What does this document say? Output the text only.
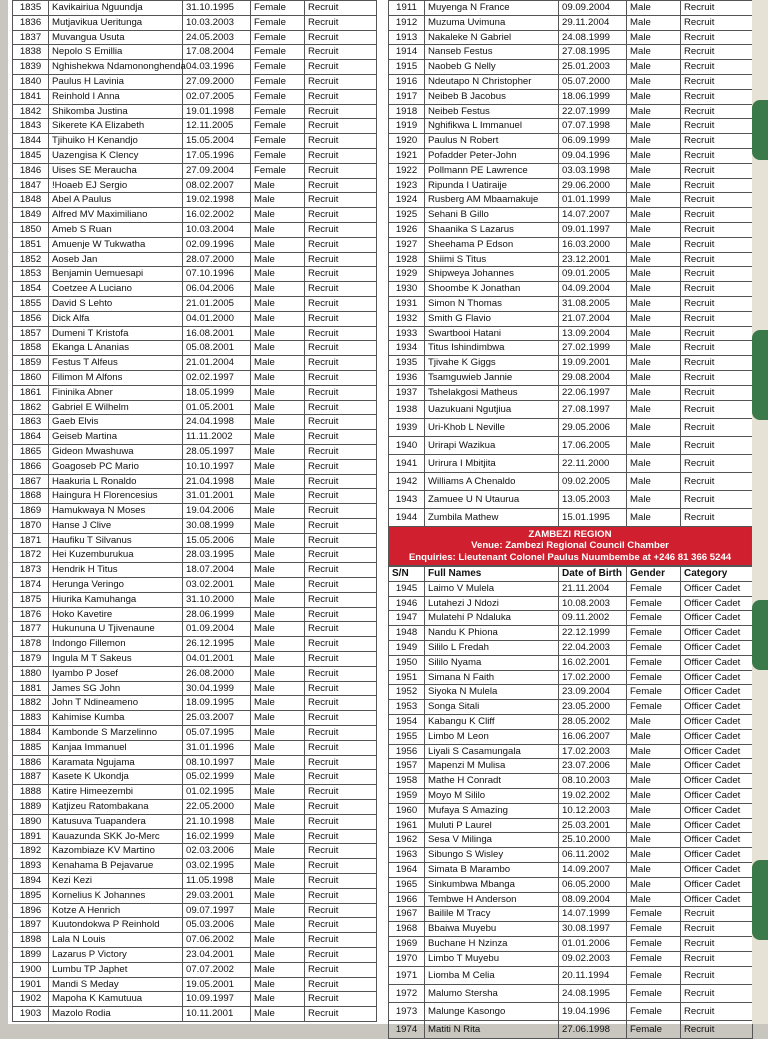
1835	Kavikairiua Nguundja	31.10.1995	Female	Recruit
1836	Mutjavikua Ueritunga	10.03.2003	Female	Recruit
1837	Muvangua Usuta	24.05.2003	Female	Recruit
1838	Nepolo S Emillia	17.08.2004	Female	Recruit
1839	Nghishekwa Ndamononghenda	04.03.1996	Female	Recruit
1840	Paulus H Lavinia	27.09.2000	Female	Recruit
1841	Reinhold I Anna	02.07.2005	Female	Recruit
1842	Shikomba Justina	19.01.1998	Female	Recruit
1843	Sikerete KA Elizabeth	12.11.2005	Female	Recruit
1844	Tjihuiko H Kenandjo	15.05.2004	Female	Recruit
1845	Uazengisa K Clency	17.05.1996	Female	Recruit
1846	Uises SE Meraucha	27.09.2004	Female	Recruit
1847	!Hoaeb EJ Sergio	08.02.2007	Male	Recruit
1848	Abel A Paulus	19.02.1998	Male	Recruit
1849	Alfred MV Maximiliano	16.02.2002	Male	Recruit
1850	Ameb S Ruan	10.03.2004	Male	Recruit
1851	Amuenje W Tukwatha	02.09.1996	Male	Recruit
1852	Aoseb Jan	28.07.2000	Male	Recruit
1853	Benjamin Uemuesapi	07.10.1996	Male	Recruit
1854	Coetzee A Luciano	06.04.2006	Male	Recruit
1855	David S Lehto	21.01.2005	Male	Recruit
1856	Dick Alfa	04.01.2000	Male	Recruit
1857	Dumeni T Kristofa	16.08.2001	Male	Recruit
1858	Ekanga L Ananias	05.08.2001	Male	Recruit
1859	Festus T Alfeus	21.01.2004	Male	Recruit
1860	Filimon M Alfons	02.02.1997	Male	Recruit
1861	Fininika Abner	18.05.1999	Male	Recruit
1862	Gabriel E Wilhelm	01.05.2001	Male	Recruit
1863	Gaeb Elvis	24.04.1998	Male	Recruit
1864	Geiseb Martina	11.11.2002	Male	Recruit
1865	Gideon Mwashuwa	28.05.1997	Male	Recruit
1866	Goagoseb PC Mario	10.10.1997	Male	Recruit
1867	Haakuria L Ronaldo	21.04.1998	Male	Recruit
1868	Haingura H Florencesius	31.01.2001	Male	Recruit
1869	Hamukwaya N Moses	19.04.2006	Male	Recruit
1870	Hanse J Clive	30.08.1999	Male	Recruit
1871	Haufiku T Silvanus	15.05.2006	Male	Recruit
1872	Hei Kuzemburukua	28.03.1995	Male	Recruit
1873	Hendrik H Titus	18.07.2004	Male	Recruit
1874	Herunga Veringo	03.02.2001	Male	Recruit
1875	Hiurika Kamuhanga	31.10.2000	Male	Recruit
1876	Hoko Kavetire	28.06.1999	Male	Recruit
1877	Hukununa U Tjivenaune	01.09.2004	Male	Recruit
1878	Indongo Fillemon	26.12.1995	Male	Recruit
1879	Ingula M T Sakeus	04.01.2001	Male	Recruit
1880	Iyambo P Josef	26.08.2000	Male	Recruit
1881	James SG John	30.04.1999	Male	Recruit
1882	John T Ndineameno	18.09.1995	Male	Recruit
1883	Kahimise Kumba	25.03.2007	Male	Recruit
1884	Kambonde S Marzelinno	05.07.1995	Male	Recruit
1885	Kanjaa Immanuel	31.01.1996	Male	Recruit
1886	Karamata Ngujama	08.10.1997	Male	Recruit
1887	Kasete K Ukondja	05.02.1999	Male	Recruit
1888	Katire Himeezembi	01.02.1995	Male	Recruit
1889	Katjizeu Ratombakana	22.05.2000	Male	Recruit
1890	Katusuva Tuapandera	21.10.1998	Male	Recruit
1891	Kauazunda SKK Jo-Merc	16.02.1999	Male	Recruit
1892	Kazombiaze KV Martino	02.03.2006	Male	Recruit
1893	Kenahama B Pejavarue	03.02.1995	Male	Recruit
1894	Kezi Kezi	11.05.1998	Male	Recruit
1895	Kornelius K Johannes	29.03.2001	Male	Recruit
1896	Kotze A Henrich	09.07.1997	Male	Recruit
1897	Kuutondokwa P Reinhold	05.03.2006	Male	Recruit
1898	Lala N Louis	07.06.2002	Male	Recruit
1899	Lazarus P Victory	23.04.2001	Male	Recruit
1900	Lumbu TP Japhet	07.07.2002	Male	Recruit
1901	Mandi S Meday	19.05.2001	Male	Recruit
1902	Mapoha K Kamutuua	10.09.1997	Male	Recruit
1903	Mazolo Rodia	10.11.2001	Male	Recruit
1911	Muyenga N France	09.09.2004	Male	Recruit
1912	Muzuma Uvimuna	29.11.2004	Male	Recruit
1913	Nakaleke N Gabriel	24.08.1999	Male	Recruit
1914	Nanseb Festus	27.08.1995	Male	Recruit
1915	Naobeb G Nelly	25.01.2003	Male	Recruit
1916	Ndeutapo N Christopher	05.07.2000	Male	Recruit
1917	Neibeb B Jacobus	18.06.1999	Male	Recruit
1918	Neibeb Festus	22.07.1999	Male	Recruit
1919	Nghifikwa L Immanuel	07.07.1998	Male	Recruit
1920	Paulus N Robert	06.09.1999	Male	Recruit
1921	Pofadder Peter-John	09.04.1996	Male	Recruit
1922	Pollmann PE Lawrence	03.03.1998	Male	Recruit
1923	Ripunda I Uatiraije	29.06.2000	Male	Recruit
1924	Rusberg AM Mbaamakuje	01.01.1999	Male	Recruit
1925	Sehani B Gillo	14.07.2007	Male	Recruit
1926	Shaanika S Lazarus	09.01.1997	Male	Recruit
1927	Sheehama P Edson	16.03.2000	Male	Recruit
1928	Shiimi S Titus	23.12.2001	Male	Recruit
1929	Shipweya Johannes	09.01.2005	Male	Recruit
1930	Shoombe K Jonathan	04.09.2004	Male	Recruit
1931	Simon N Thomas	31.08.2005	Male	Recruit
1932	Smith G Flavio	21.07.2004	Male	Recruit
1933	Swartbooi Hatani	13.09.2004	Male	Recruit
1934	Titus Ishindimbwa	27.02.1999	Male	Recruit
1935	Tjivahe K Giggs	19.09.2001	Male	Recruit
1936	Tsamguwieb Jannie	29.08.2004	Male	Recruit
1937	Tshelakgosi Matheus	22.06.1997	Male	Recruit
1938	Uazukuani Ngutjiua	27.08.1997	Male	Recruit
1939	Uri-Khob L Neville	29.05.2006	Male	Recruit
1940	Urirapi Wazikua	17.06.2005	Male	Recruit
1941	Urirura I Mbitjita	22.11.2000	Male	Recruit
1942	Williams A Chenaldo	09.02.2005	Male	Recruit
1943	Zamuee U N Utaurua	13.05.2003	Male	Recruit
1944	Zumbila Mathew	15.01.1995	Male	Recruit
ZAMBEZI REGION
Venue: Zambezi Regional Council Chamber
Enquiries: Lieutenant Colonel Paulus Nuumbembe at +246 81 366 5244
S/N	Full Names	Date of Birth	Gender	Category
1945	Laimo V Mulela	21.11.2004	Female	Officer Cadet
1946	Lutahezi J Ndozi	10.08.2003	Female	Officer Cadet
1947	Mulatehi P Ndaluka	09.11.2002	Female	Officer Cadet
1948	Nandu K Phiona	22.12.1999	Female	Officer Cadet
1949	Sililo L Fredah	22.04.2003	Female	Officer Cadet
1950	Sililo Nyama	16.02.2001	Female	Officer Cadet
1951	Simana N Faith	17.02.2000	Female	Officer Cadet
1952	Siyoka N Mulela	23.09.2004	Female	Officer Cadet
1953	Songa Sitali	23.05.2000	Female	Officer Cadet
1954	Kabangu K Cliff	28.05.2002	Male	Officer Cadet
1955	Limbo M Leon	16.06.2007	Male	Officer Cadet
1956	Liyali S Casamungala	17.02.2003	Male	Officer Cadet
1957	Mapenzi M Mulisa	23.07.2006	Male	Officer Cadet
1958	Mathe H Conradt	08.10.2003	Male	Officer Cadet
1959	Moyo M Sililo	19.02.2002	Male	Officer Cadet
1960	Mufaya S Amazing	10.12.2003	Male	Officer Cadet
1961	Muluti P Laurel	25.03.2001	Male	Officer Cadet
1962	Sesa V Milinga	25.10.2000	Male	Officer Cadet
1963	Sibungo S Wisley	06.11.2002	Male	Officer Cadet
1964	Simata B Marambo	14.09.2007	Male	Officer Cadet
1965	Sinkumbwa Mbanga	06.05.2000	Male	Officer Cadet
1966	Tembwe H Anderson	08.09.2004	Male	Officer Cadet
1967	Bailile M Tracy	14.07.1999	Female	Recruit
1968	Bbaiwa Muyebu	30.08.1997	Female	Recruit
1969	Buchane H Nzinza	01.01.2006	Female	Recruit
1970	Limbo T Muyebu	09.02.2003	Female	Recruit
1971	Liomba M Celia	20.11.1994	Female	Recruit
1972	Malumo Stersha	24.08.1995	Female	Recruit
1973	Malunge Kasongo	19.04.1996	Female	Recruit
1974	Matiti N Rita	27.06.1998	Female	Recruit
